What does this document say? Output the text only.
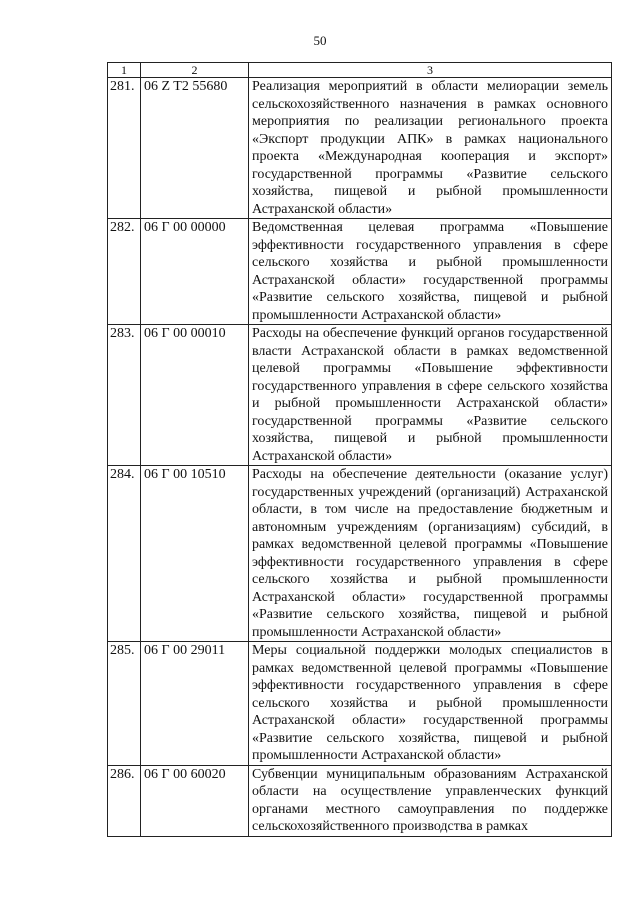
50
1	2	3
281.	06 Z T2 55680	Реализация мероприятий в области мелиорации земель сельскохозяйственного назначения в рамках основного мероприятия по реализации регионального проекта «Экспорт продукции АПК» в рамках национального проекта «Международная кооперация и экспорт» государственной программы «Развитие сельского хозяйства, пищевой и рыбной промышленности Астраханской области»
282.	06 Г 00 00000	Ведомственная целевая программа «Повышение эффективности государственного управления в сфере сельского хозяйства и рыбной промышленности Астраханской области» государственной программы «Развитие сельского хозяйства, пищевой и рыбной промышленности Астраханской области»
283.	06 Г 00 00010	Расходы на обеспечение функций органов государственной власти Астраханской области в рамках ведомственной целевой программы «Повышение эффективности государственного управления в сфере сельского хозяйства и рыбной промышленности Астраханской области» государственной программы «Развитие сельского хозяйства, пищевой и рыбной промышленности Астраханской области»
284.	06 Г 00 10510	Расходы на обеспечение деятельности (оказание услуг) государственных учреждений (организаций) Астраханской области, в том числе на предоставление бюджетным и автономным учреждениям (организациям) субсидий, в рамках ведомственной целевой программы «Повышение эффективности государственного управления в сфере сельского хозяйства и рыбной промышленности Астраханской области» государственной программы «Развитие сельского хозяйства, пищевой и рыбной промышленности Астраханской области»
285.	06 Г 00 29011	Меры социальной поддержки молодых специалистов в рамках ведомственной целевой программы «Повышение эффективности государственного управления в сфере сельского хозяйства и рыбной промышленности Астраханской области» государственной программы «Развитие сельского хозяйства, пищевой и рыбной промышленности Астраханской области»
286.	06 Г 00 60020	Субвенции муниципальным образованиям Астраханской области на осуществление управленческих функций органами местного самоуправления по поддержке сельскохозяйственного производства в рамках
